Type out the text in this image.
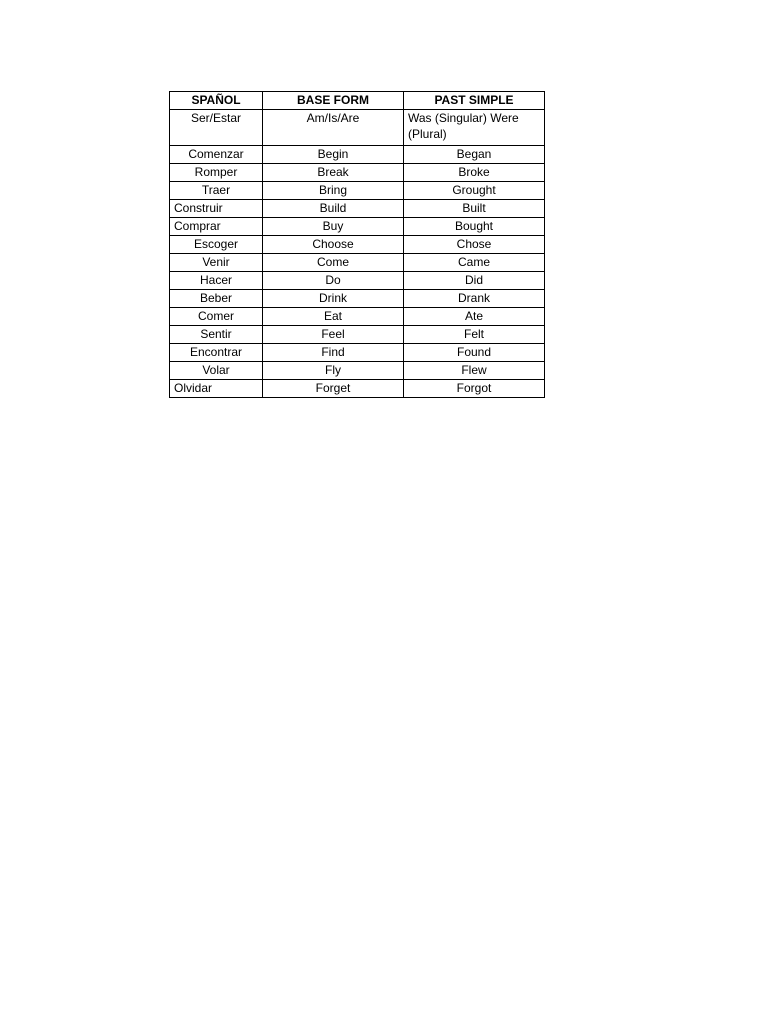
SPAÑOL	BASE FORM	PAST SIMPLE
Ser/Estar	Am/Is/Are	Was (Singular) Were (Plural)
Comenzar	Begin	Began
Romper	Break	Broke
Traer	Bring	Grought
Construir	Build	Built
Comprar	Buy	Bought
Escoger	Choose	Chose
Venir	Come	Came
Hacer	Do	Did
Beber	Drink	Drank
Comer	Eat	Ate
Sentir	Feel	Felt
Encontrar	Find	Found
Volar	Fly	Flew
Olvidar	Forget	Forgot
